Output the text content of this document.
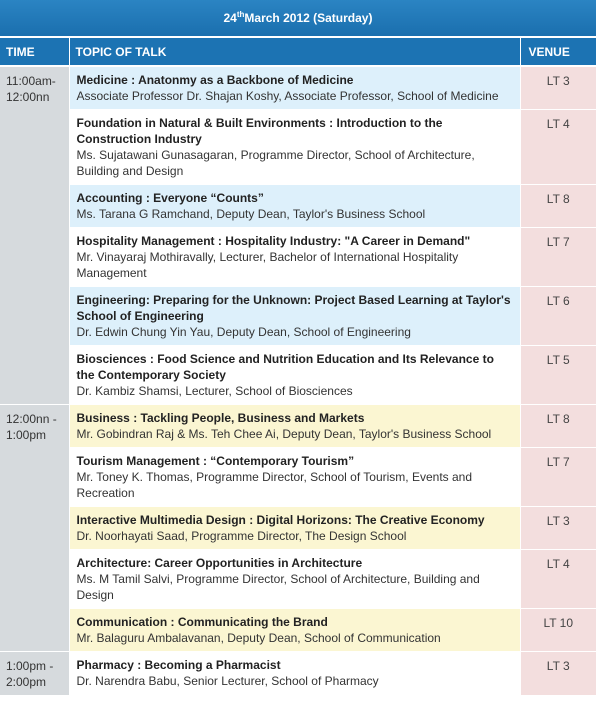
24thMarch 2012 (Saturday)
TIME	TOPIC OF TALK	VENUE
11:00am-12:00nn	Medicine : Anatonmy as a Backbone of Medicine
Associate Professor Dr. Shajan Koshy, Associate Professor, School of Medicine	LT 3

	Foundation in Natural & Built Environments : Introduction to the Construction Industry
Ms. Sujatawani Gunasagaran, Programme Director, School of Architecture, Building and Design	LT 4

	Accounting : Everyone “Counts”
Ms. Tarana G Ramchand, Deputy Dean, Taylor's Business School	LT 8

	Hospitality Management : Hospitality Industry: "A Career in Demand"
Mr. Vinayaraj Mothiravally, Lecturer, Bachelor of International Hospitality Management	LT 7

	Engineering: Preparing for the Unknown: Project Based Learning at Taylor's School of Engineering
Dr. Edwin Chung Yin Yau, Deputy Dean, School of Engineering	LT 6

	Biosciences : Food Science and Nutrition Education and Its Relevance to the Contemporary Society
Dr. Kambiz Shamsi, Lecturer, School of Biosciences	LT 5
12:00nn - 1:00pm	Business : Tackling People, Business and Markets
Mr. Gobindran Raj & Ms. Teh Chee Ai, Deputy Dean, Taylor's Business School	LT 8

	Tourism Management : “Contemporary Tourism”
Mr. Toney K. Thomas, Programme Director, School of Tourism, Events and Recreation	LT 7

	Interactive Multimedia Design : Digital Horizons: The Creative Economy
Dr. Noorhayati Saad, Programme Director, The Design School	LT 3

	Architecture: Career Opportunities in Architecture
Ms. M Tamil Salvi, Programme Director, School of Architecture, Building and Design	LT 4

	Communication : Communicating the Brand
Mr. Balaguru Ambalavanan, Deputy Dean, School of Communication	LT 10
1:00pm - 2:00pm	Pharmacy : Becoming a Pharmacist
Dr. Narendra Babu, Senior Lecturer, School of Pharmacy	LT 3
